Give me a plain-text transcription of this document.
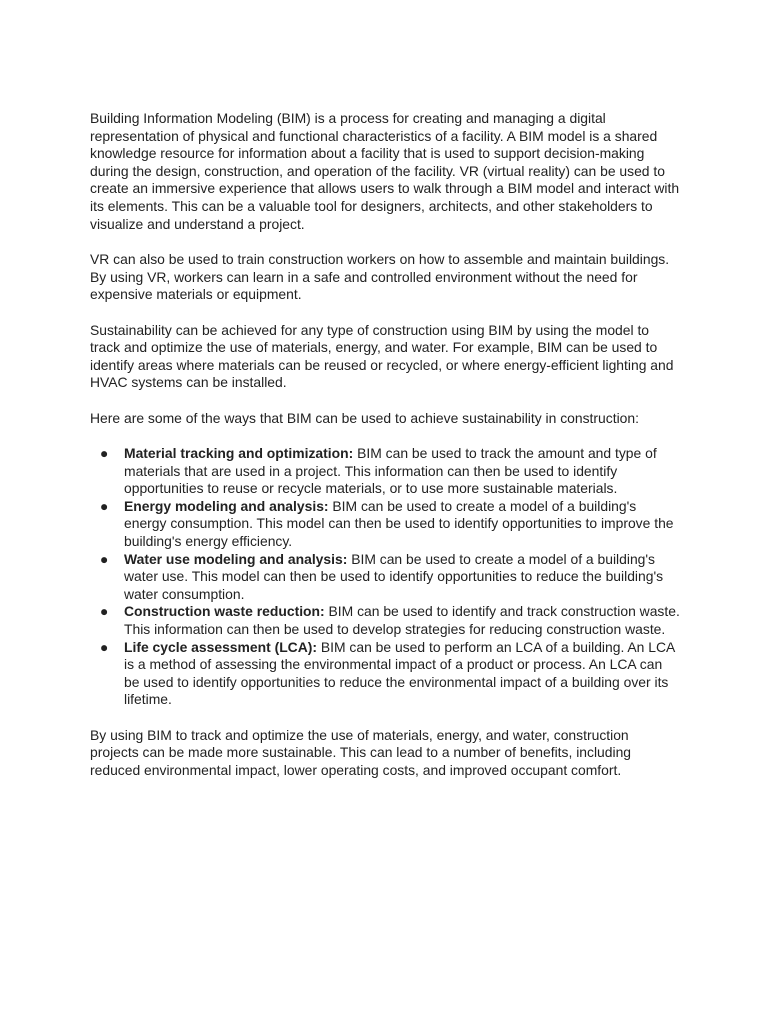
Building Information Modeling (BIM) is a process for creating and managing a digital representation of physical and functional characteristics of a facility. A BIM model is a shared knowledge resource for information about a facility that is used to support decision-making during the design, construction, and operation of the facility. VR (virtual reality) can be used to create an immersive experience that allows users to walk through a BIM model and interact with its elements. This can be a valuable tool for designers, architects, and other stakeholders to visualize and understand a project.

VR can also be used to train construction workers on how to assemble and maintain buildings. By using VR, workers can learn in a safe and controlled environment without the need for expensive materials or equipment.

Sustainability can be achieved for any type of construction using BIM by using the model to track and optimize the use of materials, energy, and water. For example, BIM can be used to identify areas where materials can be reused or recycled, or where energy-efficient lighting and HVAC systems can be installed.

Here are some of the ways that BIM can be used to achieve sustainability in construction:

● Material tracking and optimization: BIM can be used to track the amount and type of materials that are used in a project. This information can then be used to identify opportunities to reuse or recycle materials, or to use more sustainable materials.
● Energy modeling and analysis: BIM can be used to create a model of a building's energy consumption. This model can then be used to identify opportunities to improve the building's energy efficiency.
● Water use modeling and analysis: BIM can be used to create a model of a building's water use. This model can then be used to identify opportunities to reduce the building's water consumption.
● Construction waste reduction: BIM can be used to identify and track construction waste. This information can then be used to develop strategies for reducing construction waste.
● Life cycle assessment (LCA): BIM can be used to perform an LCA of a building. An LCA is a method of assessing the environmental impact of a product or process. An LCA can be used to identify opportunities to reduce the environmental impact of a building over its lifetime.

By using BIM to track and optimize the use of materials, energy, and water, construction projects can be made more sustainable. This can lead to a number of benefits, including reduced environmental impact, lower operating costs, and improved occupant comfort.
